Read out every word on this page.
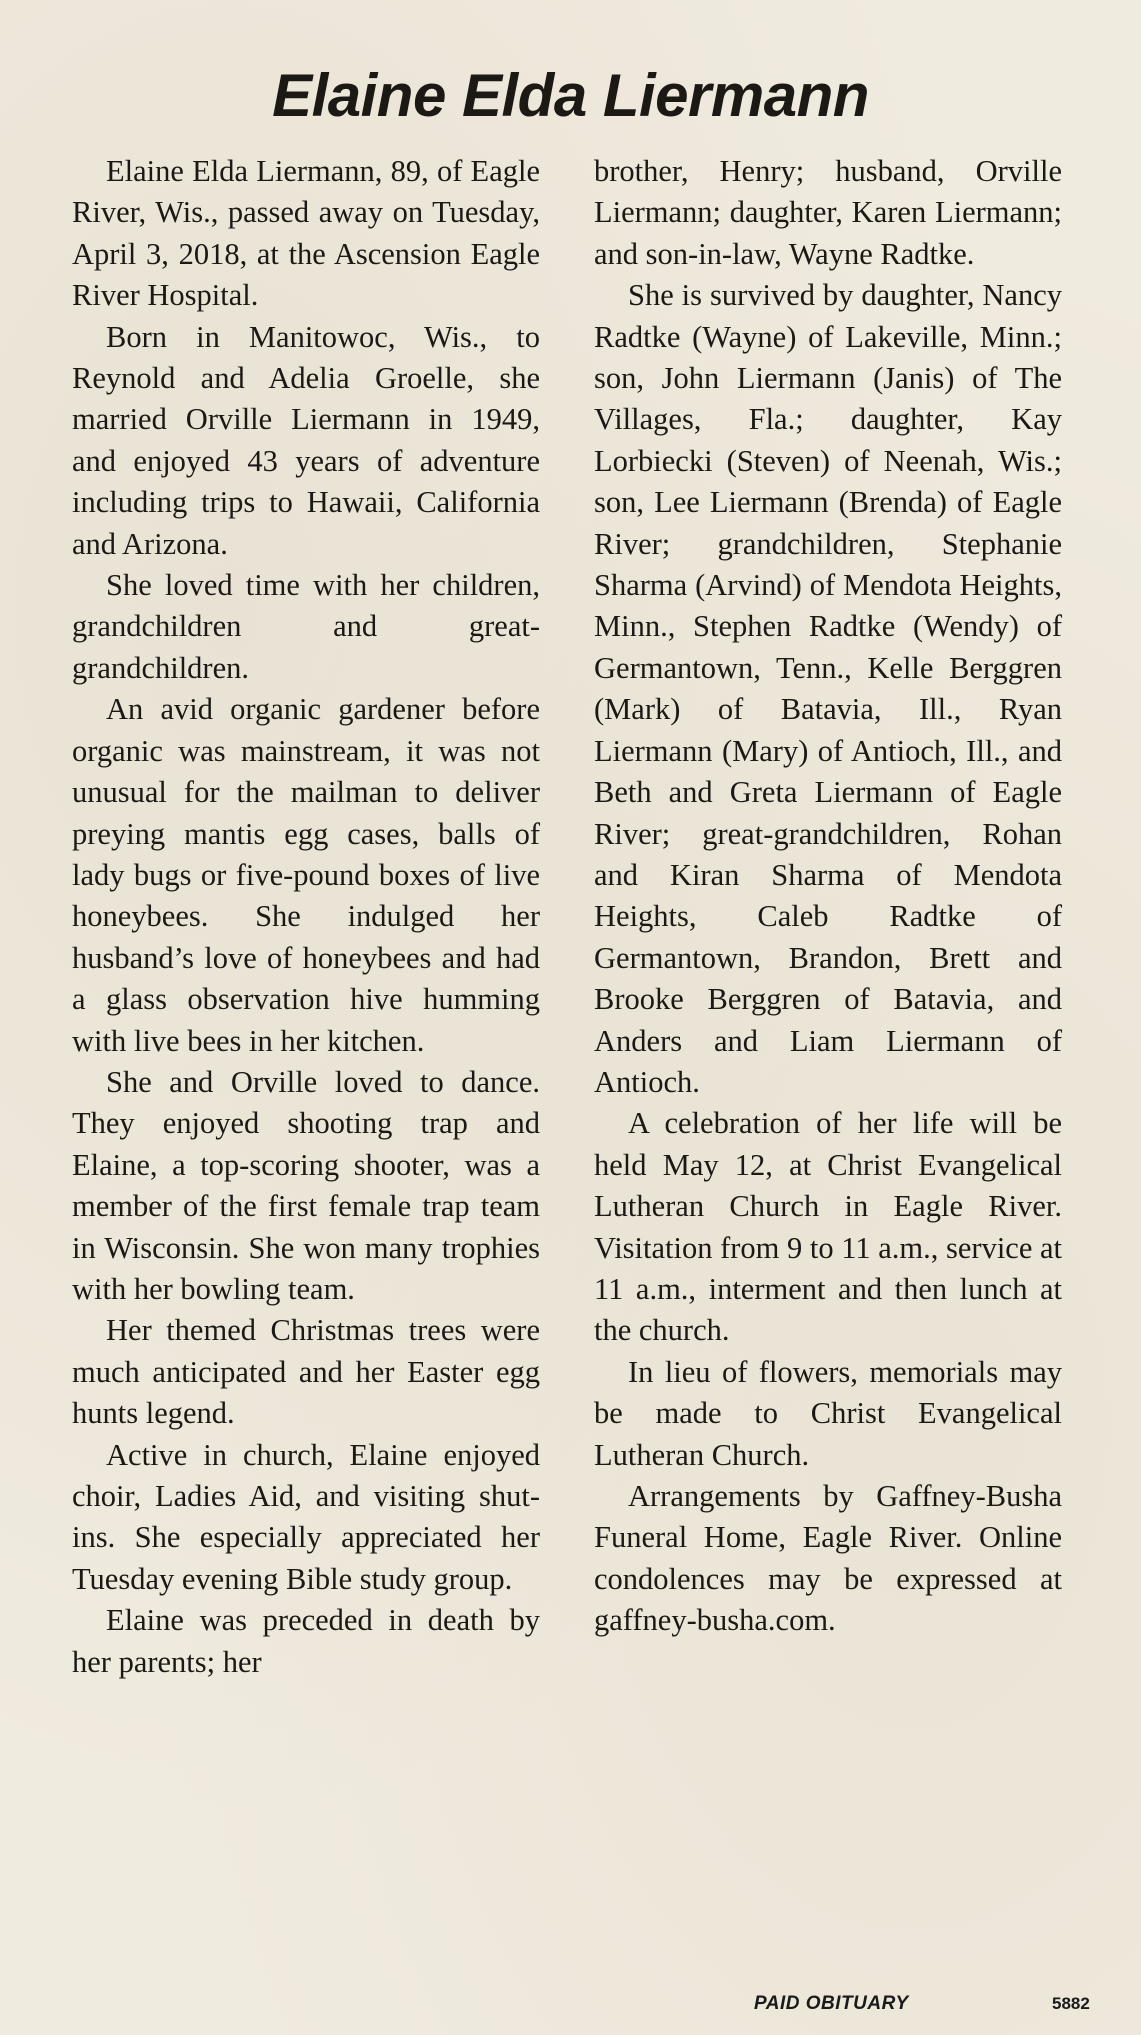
Elaine Elda Liermann

Elaine Elda Liermann, 89, of Eagle River, Wis., passed away on Tuesday, April 3, 2018, at the Ascension Eagle River Hospital.

Born in Manitowoc, Wis., to Reynold and Adelia Groelle, she married Orville Liermann in 1949, and enjoyed 43 years of adventure including trips to Hawaii, California and Arizona.

She loved time with her children, grandchildren and great-grandchildren.

An avid organic gardener before organic was mainstream, it was not unusual for the mailman to deliver preying mantis egg cases, balls of lady bugs or five-pound boxes of live honeybees. She indulged her husband’s love of honeybees and had a glass observation hive humming with live bees in her kitchen.

She and Orville loved to dance. They enjoyed shooting trap and Elaine, a top-scoring shooter, was a member of the first female trap team in Wisconsin. She won many trophies with her bowling team.

Her themed Christmas trees were much anticipated and her Easter egg hunts legend.

Active in church, Elaine enjoyed choir, Ladies Aid, and visiting shut-ins. She especially appreciated her Tuesday evening Bible study group.

Elaine was preceded in death by her parents; her

brother, Henry; husband, Orville Liermann; daughter, Karen Liermann; and son-in-law, Wayne Radtke.

She is survived by daughter, Nancy Radtke (Wayne) of Lakeville, Minn.; son, John Liermann (Janis) of The Villages, Fla.; daughter, Kay Lorbiecki (Steven) of Neenah, Wis.; son, Lee Liermann (Brenda) of Eagle River; grandchildren, Stephanie Sharma (Arvind) of Mendota Heights, Minn., Stephen Radtke (Wendy) of Germantown, Tenn., Kelle Berggren (Mark) of Batavia, Ill., Ryan Liermann (Mary) of Antioch, Ill., and Beth and Greta Liermann of Eagle River; great-grandchildren, Rohan and Kiran Sharma of Mendota Heights, Caleb Radtke of Germantown, Brandon, Brett and Brooke Berggren of Batavia, and Anders and Liam Liermann of Antioch.

A celebration of her life will be held May 12, at Christ Evangelical Lutheran Church in Eagle River. Visitation from 9 to 11 a.m., service at 11 a.m., interment and then lunch at the church.

In lieu of flowers, memorials may be made to Christ Evangelical Lutheran Church.

Arrangements by Gaffney-Busha Funeral Home, Eagle River. Online condolences may be expressed at gaffney-busha.com.

PAID OBITUARY	5882
